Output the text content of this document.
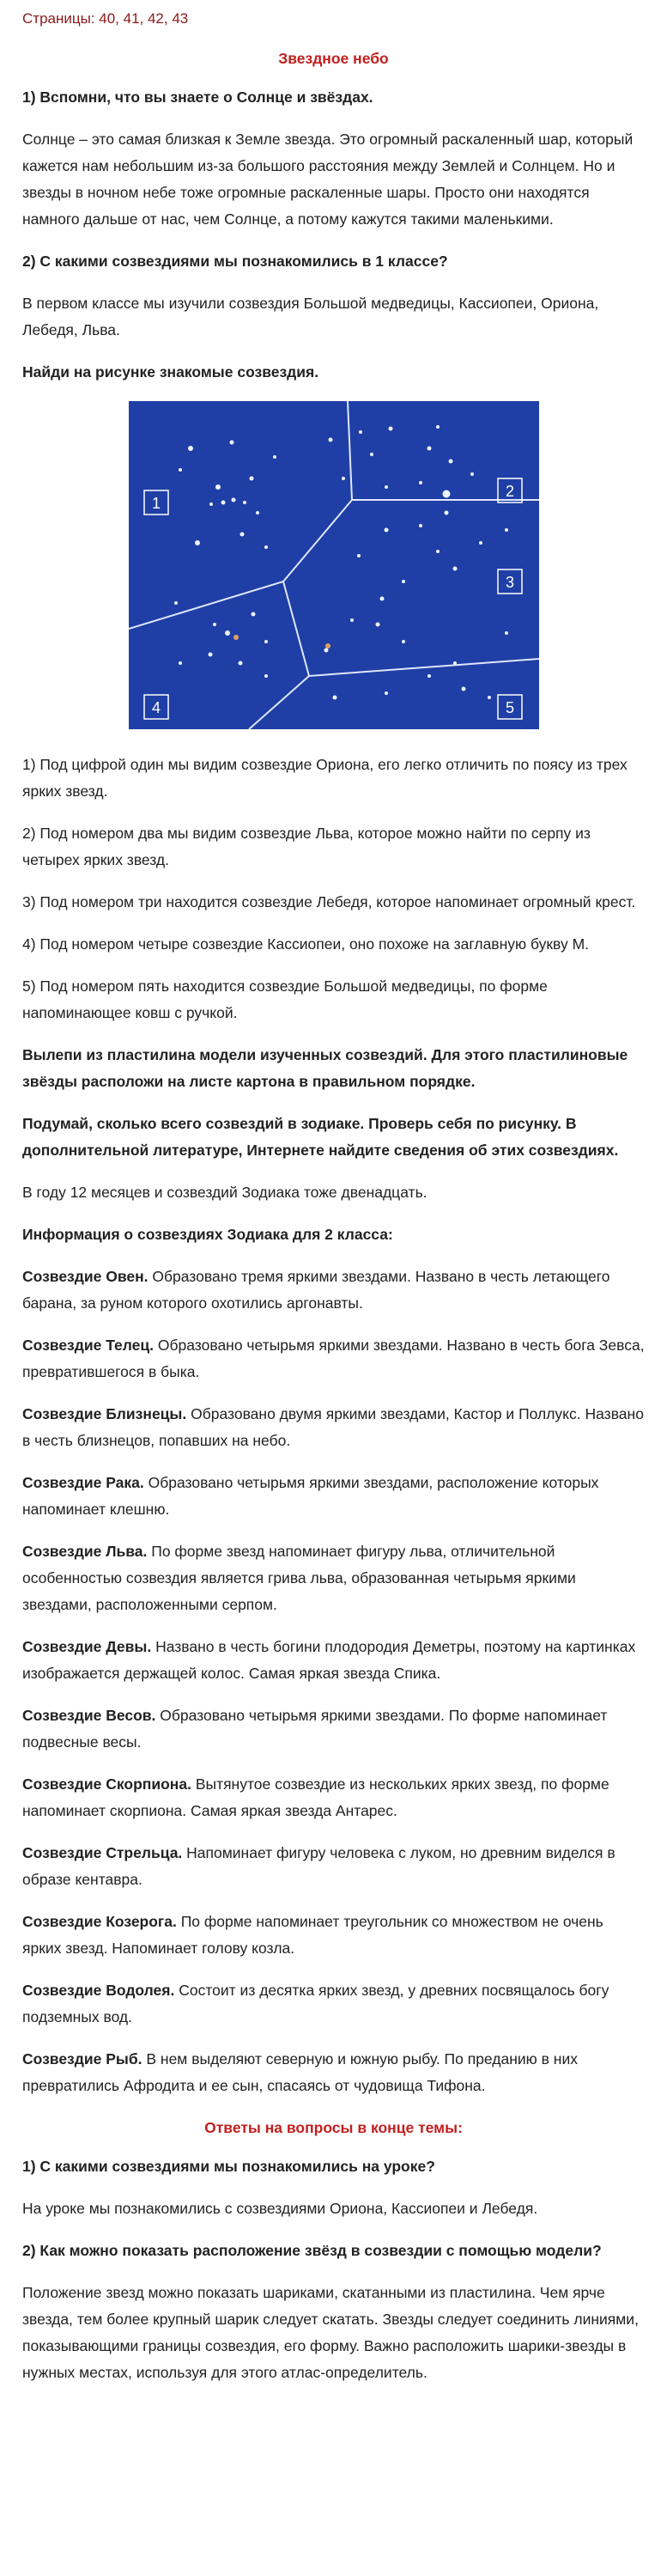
Страницы: 40, 41, 42, 43

Звездное небо

1) Вспомни, что вы знаете о Солнце и звёздах.

Солнце – это самая близкая к Земле звезда. Это огромный раскаленный шар, который кажется нам небольшим из-за большого расстояния между Землей и Солнцем. Но и звезды в ночном небе тоже огромные раскаленные шары. Просто они находятся намного дальше от нас, чем Солнце, а потому кажутся такими маленькими.

2) С какими созвездиями мы познакомились в 1 классе?

В первом классе мы изучили созвездия Большой медведицы, Кассиопеи, Ориона, Лебедя, Льва.

Найди на рисунке знакомые созвездия.

1
2
3
4	5

1) Под цифрой один мы видим созвездие Ориона, его легко отличить по поясу из трех ярких звезд.

2) Под номером два мы видим созвездие Льва, которое можно найти по серпу из четырех ярких звезд.

3) Под номером три находится созвездие Лебедя, которое напоминает огромный крест.

4) Под номером четыре созвездие Кассиопеи, оно похоже на заглавную букву М.

5) Под номером пять находится созвездие Большой медведицы, по форме напоминающее ковш с ручкой.

Вылепи из пластилина модели изученных созвездий. Для этого пластилиновые звёзды расположи на листе картона в правильном порядке.

Подумай, сколько всего созвездий в зодиаке. Проверь себя по рисунку. В дополнительной литературе, Интернете найдите сведения об этих созвездиях.

В году 12 месяцев и созвездий Зодиака тоже двенадцать.

Информация о созвездиях Зодиака для 2 класса:

Созвездие Овен. Образовано тремя яркими звездами. Названо в честь летающего барана, за руном которого охотились аргонавты.

Созвездие Телец. Образовано четырьмя яркими звездами. Названо в честь бога Зевса, превратившегося в быка.

Созвездие Близнецы. Образовано двумя яркими звездами, Кастор и Поллукс. Названо в честь близнецов, попавших на небо.

Созвездие Рака. Образовано четырьмя яркими звездами, расположение которых напоминает клешню.

Созвездие Льва. По форме звезд напоминает фигуру льва, отличительной особенностью созвездия является грива льва, образованная четырьмя яркими звездами, расположенными серпом.

Созвездие Девы. Названо в честь богини плодородия Деметры, поэтому на картинках изображается держащей колос. Самая яркая звезда Спика.

Созвездие Весов. Образовано четырьмя яркими звездами. По форме напоминает подвесные весы.

Созвездие Скорпиона. Вытянутое созвездие из нескольких ярких звезд, по форме напоминает скорпиона. Самая яркая звезда Антарес.

Созвездие Стрельца. Напоминает фигуру человека с луком, но древним виделся в образе кентавра.

Созвездие Козерога. По форме напоминает треугольник со множеством не очень ярких звезд. Напоминает голову козла.

Созвездие Водолея. Состоит из десятка ярких звезд, у древних посвящалось богу подземных вод.

Созвездие Рыб. В нем выделяют северную и южную рыбу. По преданию в них превратились Афродита и ее сын, спасаясь от чудовища Тифона.

Ответы на вопросы в конце темы:

1) С какими созвездиями мы познакомились на уроке?

На уроке мы познакомились с созвездиями Ориона, Кассиопеи и Лебедя.

2) Как можно показать расположение звёзд в созвездии с помощью модели?

Положение звезд можно показать шариками, скатанными из пластилина. Чем ярче звезда, тем более крупный шарик следует скатать. Звезды следует соединить линиями, показывающими границы созвездия, его форму. Важно расположить шарики-звезды в нужных местах, используя для этого атлас-определитель.
